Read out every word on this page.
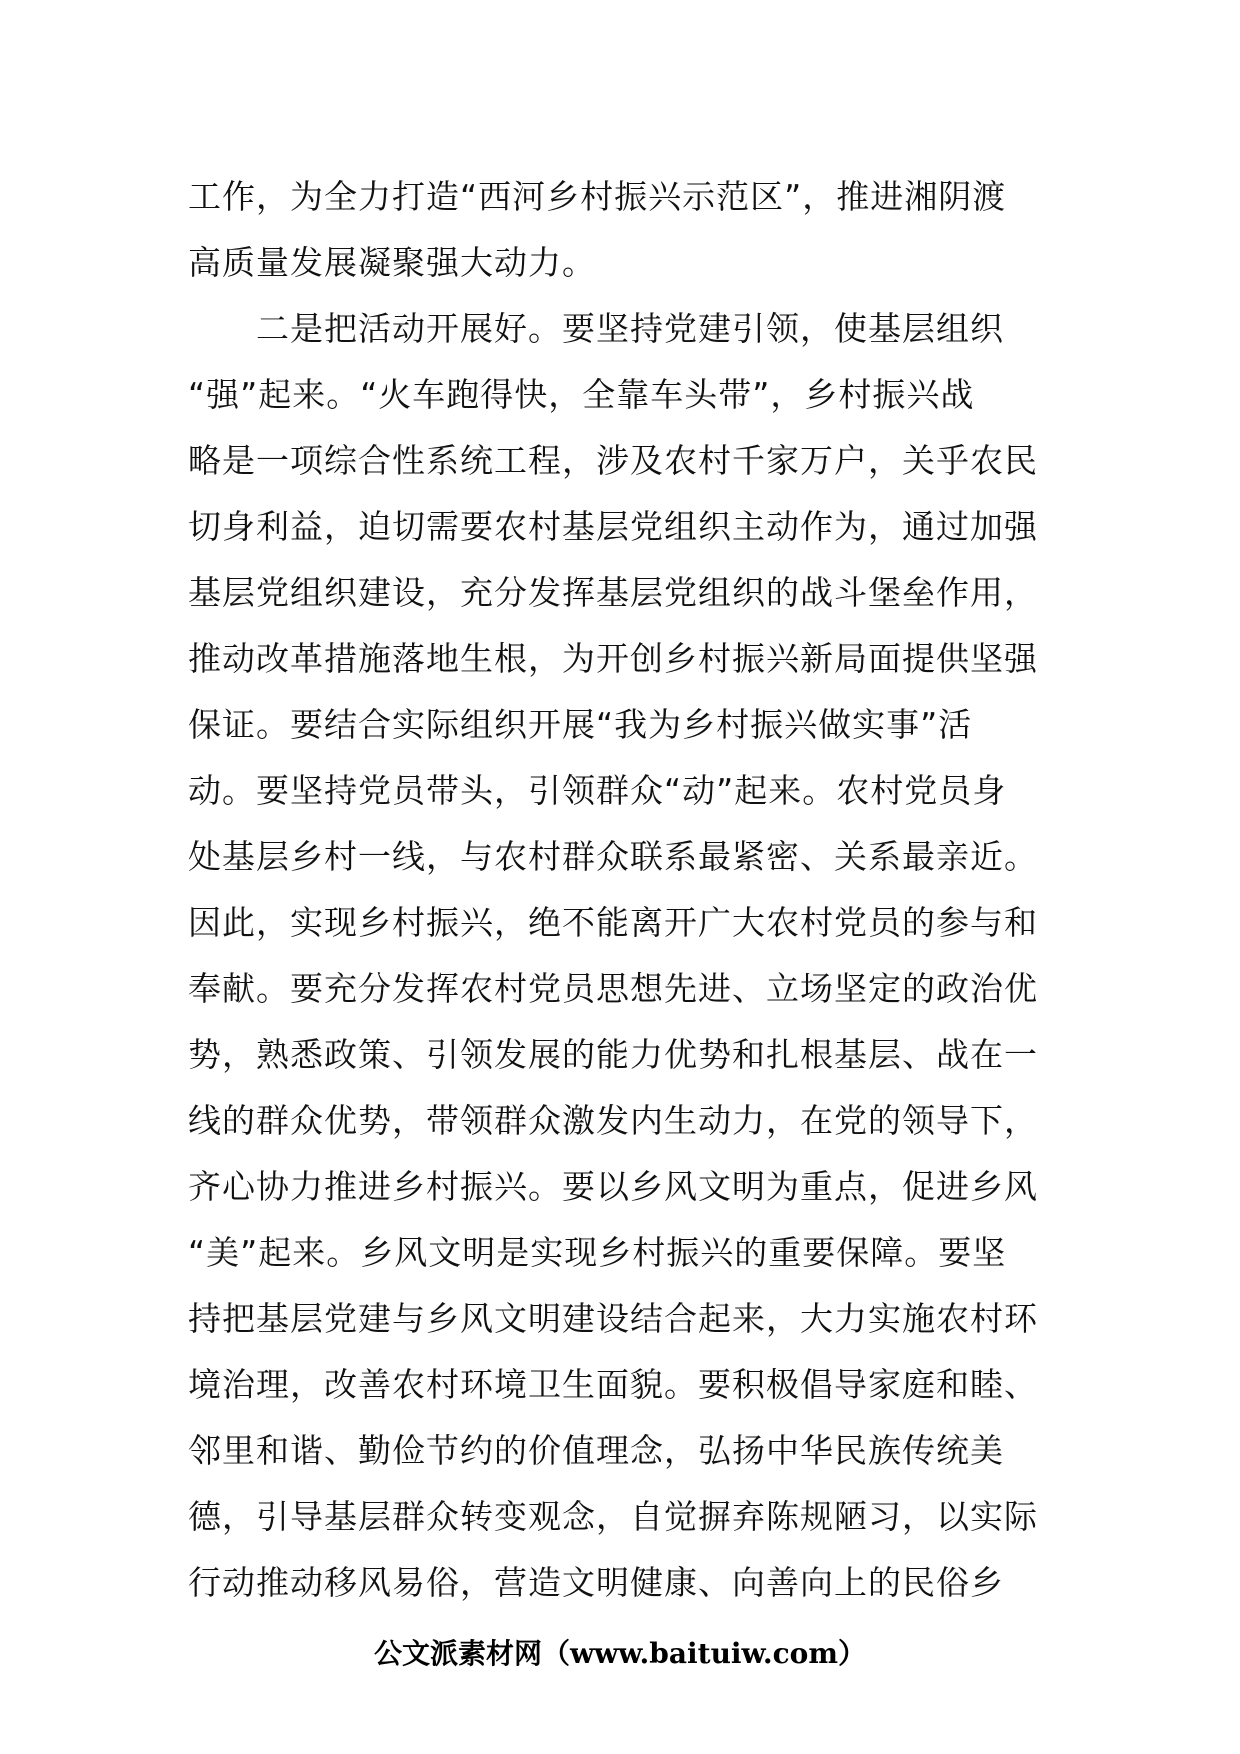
工作，为全力打造“西河乡村振兴示范区”，推进湘阴渡
高质量发展凝聚强大动力。
　　二是把活动开展好。要坚持党建引领，使基层组织
“强”起来。“火车跑得快，全靠车头带”，乡村振兴战
略是一项综合性系统工程，涉及农村千家万户，关乎农民
切身利益，迫切需要农村基层党组织主动作为，通过加强
基层党组织建设，充分发挥基层党组织的战斗堡垒作用，
推动改革措施落地生根，为开创乡村振兴新局面提供坚强
保证。要结合实际组织开展“我为乡村振兴做实事”活
动。要坚持党员带头，引领群众“动”起来。农村党员身
处基层乡村一线，与农村群众联系最紧密、关系最亲近。
因此，实现乡村振兴，绝不能离开广大农村党员的参与和
奉献。要充分发挥农村党员思想先进、立场坚定的政治优
势，熟悉政策、引领发展的能力优势和扎根基层、战在一
线的群众优势，带领群众激发内生动力，在党的领导下，
齐心协力推进乡村振兴。要以乡风文明为重点，促进乡风
“美”起来。乡风文明是实现乡村振兴的重要保障。要坚
持把基层党建与乡风文明建设结合起来，大力实施农村环
境治理，改善农村环境卫生面貌。要积极倡导家庭和睦、
邻里和谐、勤俭节约的价值理念，弘扬中华民族传统美
德，引导基层群众转变观念，自觉摒弃陈规陋习，以实际
行动推动移风易俗，营造文明健康、向善向上的民俗乡
公文派素材网（www.baituiw.com）
